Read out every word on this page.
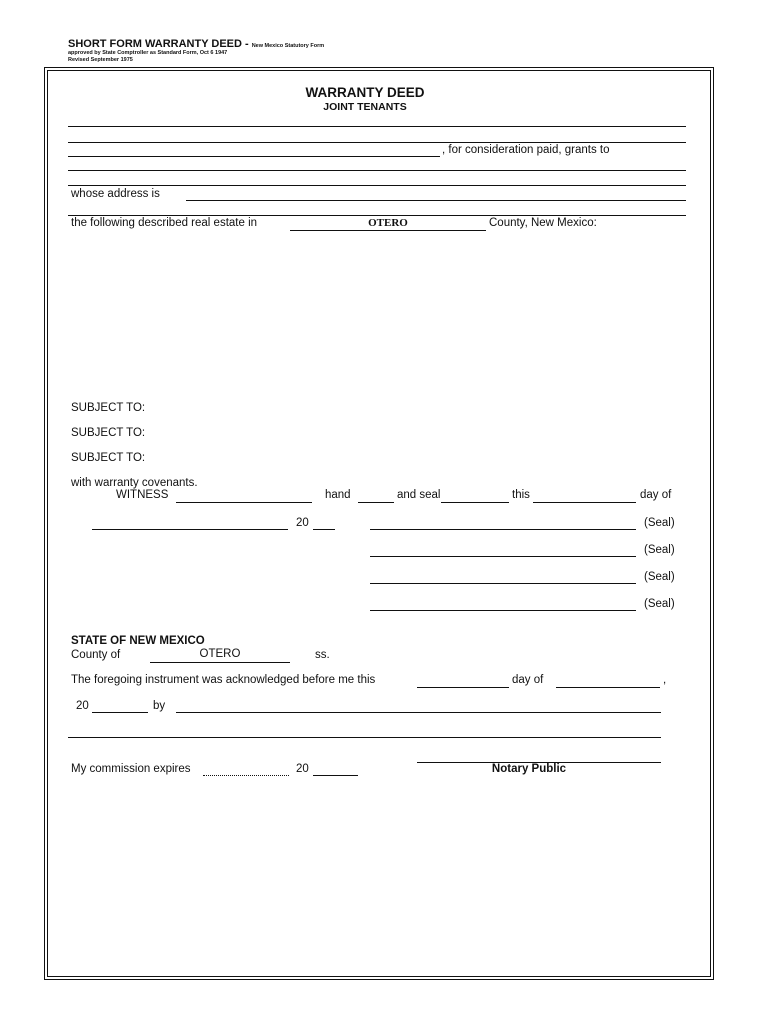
SHORT FORM WARRANTY DEED - New Mexico Statutory Form
approved by State Comptroller as Standard Form, Oct 6 1947
Revised September 1975
WARRANTY DEED
JOINT TENANTS
, for consideration paid, grants to
whose address is
the following described real estate in	OTERO	County, New Mexico:
SUBJECT TO:
SUBJECT TO:
SUBJECT TO:
with warranty covenants.
WITNESS	hand	and seal	this	day of
20	(Seal)
(Seal)
(Seal)
(Seal)
STATE OF NEW MEXICO
County of	OTERO	ss.
The foregoing instrument was acknowledged before me this	day of	,
20	by
My commission expires	20	Notary Public
